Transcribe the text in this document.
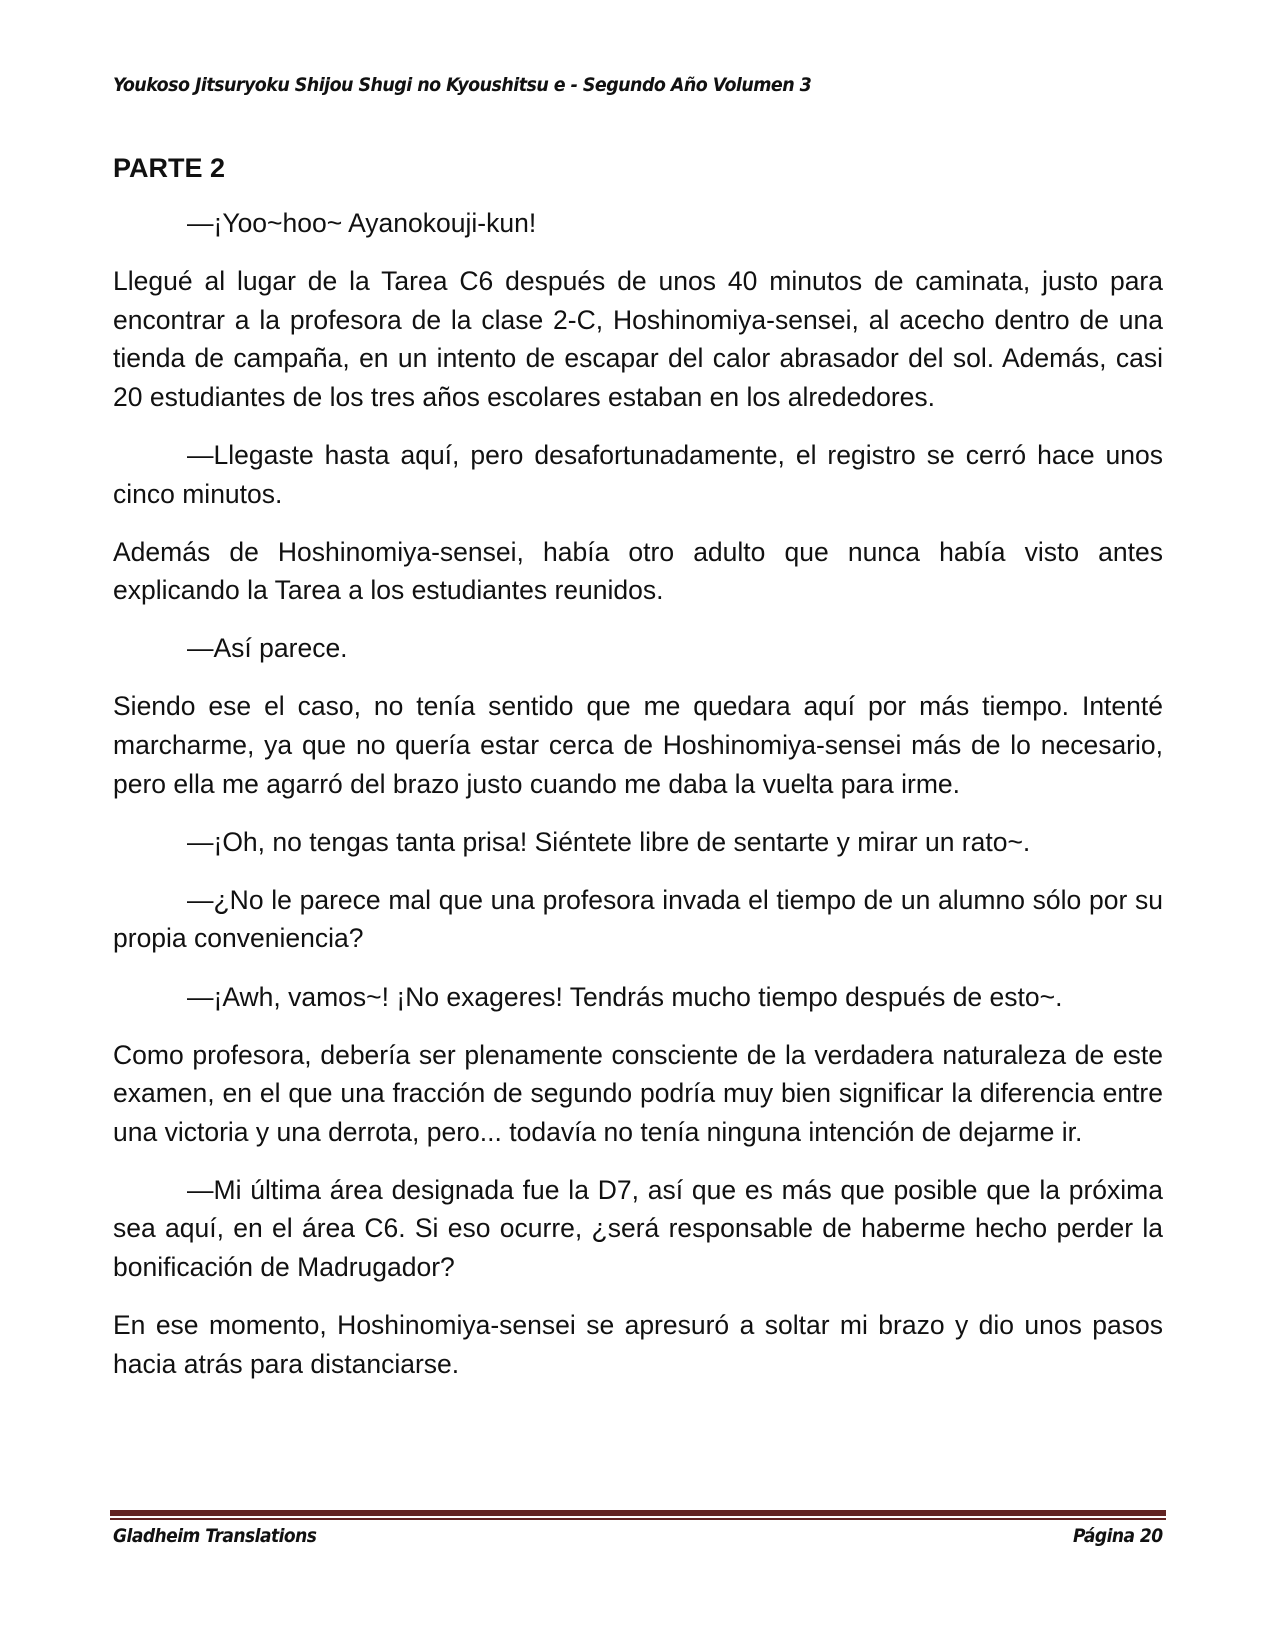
Youkoso Jitsuryoku Shijou Shugi no Kyoushitsu e - Segundo Año Volumen 3
PARTE 2

—¡Yoo~hoo~ Ayanokouji-kun!

Llegué al lugar de la Tarea C6 después de unos 40 minutos de caminata, justo para encontrar a la profesora de la clase 2-C, Hoshinomiya-sensei, al acecho dentro de una tienda de campaña, en un intento de escapar del calor abrasador del sol. Además, casi 20 estudiantes de los tres años escolares estaban en los alrededores.

—Llegaste hasta aquí, pero desafortunadamente, el registro se cerró hace unos cinco minutos.

Además de Hoshinomiya-sensei, había otro adulto que nunca había visto antes explicando la Tarea a los estudiantes reunidos.

—Así parece.

Siendo ese el caso, no tenía sentido que me quedara aquí por más tiempo. Intenté marcharme, ya que no quería estar cerca de Hoshinomiya-sensei más de lo necesario, pero ella me agarró del brazo justo cuando me daba la vuelta para irme.

—¡Oh, no tengas tanta prisa! Siéntete libre de sentarte y mirar un rato~.

—¿No le parece mal que una profesora invada el tiempo de un alumno sólo por su propia conveniencia?

—¡Awh, vamos~! ¡No exageres! Tendrás mucho tiempo después de esto~.

Como profesora, debería ser plenamente consciente de la verdadera naturaleza de este examen, en el que una fracción de segundo podría muy bien significar la diferencia entre una victoria y una derrota, pero... todavía no tenía ninguna intención de dejarme ir.

—Mi última área designada fue la D7, así que es más que posible que la próxima sea aquí, en el área C6. Si eso ocurre, ¿será responsable de haberme hecho perder la bonificación de Madrugador?

En ese momento, Hoshinomiya-sensei se apresuró a soltar mi brazo y dio unos pasos hacia atrás para distanciarse.

Gladheim Translations	Página 20
